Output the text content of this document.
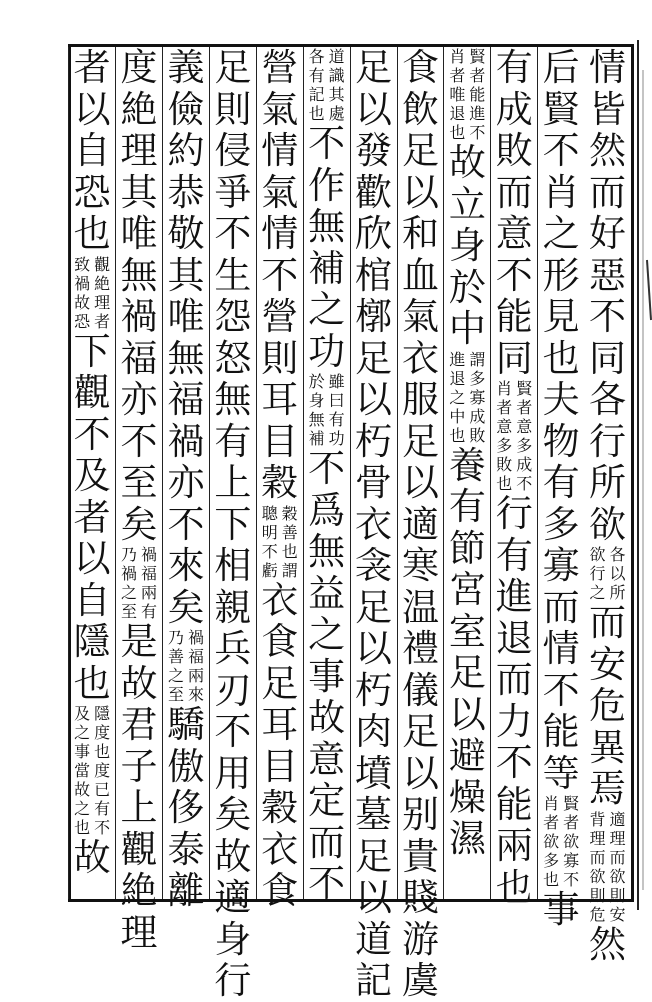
情
皆
然
而
好
惡
不
同
各
行
所
欲
各
以
所
欲
行
之
而
安
危
異
焉
適
理
而
欲
則
安
背
理
而
欲
則
危
然
后
賢
不
肖
之
形
見
也
夫
物
有
多
寡
而
情
不
能
等
賢
者
欲
寡
不
肖
者
欲
多
也
事
有
成
敗
而
意
不
能
同
賢
者
意
多
成
不
肖
者
意
多
敗
也
行
有
進
退
而
力
不
能
兩
也
賢
者
能
進
不
肖
者
唯
退
也
故
立
身
於
中
謂
多
寡
成
敗
進
退
之
中
也
養
有
節
宮
室
足
以
避
燥
濕
食
飲
足
以
和
血
氣
衣
服
足
以
適
寒
温
禮
儀
足
以
别
貴
賤
游
虞
足
以
發
歡
欣
棺
槨
足
以
朽
骨
衣
衾
足
以
朽
肉
墳
墓
足
以
道
記
道
識
其
處
各
有
記
也
不
作
無
補
之
功
雖
曰
有
功
於
身
無
補
不
爲
無
益
之
事
故
意
定
而
不
營
氣
情
氣
情
不
營
則
耳
目
穀
穀
善
也
謂
聰
明
不
虧
衣
食
足
耳
目
穀
衣
食
足
則
侵
爭
不
生
怨
怒
無
有
上
下
相
親
兵
刃
不
用
矣
故
適
身
行
義
儉
約
恭
敬
其
唯
無
福
禍
亦
不
來
矣
禍
福
兩
來
乃
善
之
至
驕
傲
侈
泰
離
度
絶
理
其
唯
無
禍
福
亦
不
至
矣
禍
福
兩
有
乃
禍
之
至
是
故
君
子
上
觀
絶
理
者
以
自
恐
也
觀
絶
理
者
致
禍
故
恐
下
觀
不
及
者
以
自
隱
也
隱
度
也
度
已
有
不
及
之
事
當
故
之
也
故
